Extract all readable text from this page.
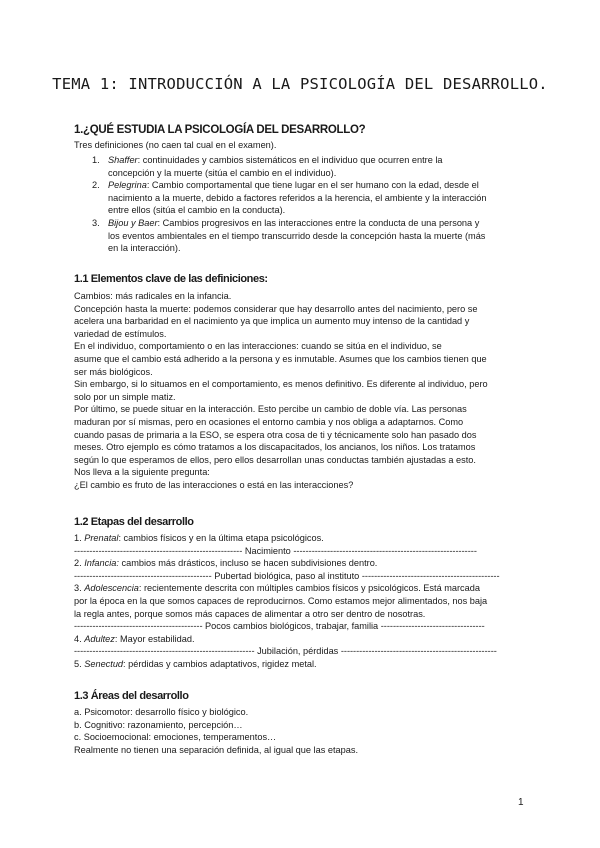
TEMA 1: INTRODUCCIÓN A LA PSICOLOGÍA DEL DESARROLLO.
1.¿QUÉ ESTUDIA LA PSICOLOGÍA DEL DESARROLLO?
Tres definiciones (no caen tal cual en el examen).
1. Shaffer: continuidades y cambios sistemáticos en el individuo que ocurren entre la
concepción y la muerte (sitúa el cambio en el individuo).
2. Pelegrina: Cambio comportamental que tiene lugar en el ser humano con la edad, desde el
nacimiento a la muerte, debido a factores referidos a la herencia, el ambiente y la interacción
entre ellos (sitúa el cambio en la conducta).
3. Bijou y Baer: Cambios progresivos en las interacciones entre la conducta de una persona y
los eventos ambientales en el tiempo transcurrido desde la concepción hasta la muerte (más
en la interacción).
1.1 Elementos clave de las definiciones:
Cambios: más radicales en la infancia.
Concepción hasta la muerte: podemos considerar que hay desarrollo antes del nacimiento, pero se
acelera una barbaridad en el nacimiento ya que implica un aumento muy intenso de la cantidad y
variedad de estímulos.
En el individuo, comportamiento o en las interacciones: cuando se sitúa en el individuo, se
asume que el cambio está adherido a la persona y es inmutable. Asumes que los cambios tienen que
ser más biológicos.
Sin embargo, si lo situamos en el comportamiento, es menos definitivo. Es diferente al individuo, pero
solo por un simple matiz.
Por último, se puede situar en la interacción. Esto percibe un cambio de doble vía. Las personas
maduran por sí mismas, pero en ocasiones el entorno cambia y nos obliga a adaptarnos. Como
cuando pasas de primaria a la ESO, se espera otra cosa de ti y técnicamente solo han pasado dos
meses. Otro ejemplo es cómo tratamos a los discapacitados, los ancianos, los niños. Los tratamos
según lo que esperamos de ellos, pero ellos desarrollan unas conductas también ajustadas a esto.
Nos lleva a la siguiente pregunta:
¿El cambio es fruto de las interacciones o está en las interacciones?
1.2 Etapas del desarrollo
1. Prenatal: cambios físicos y en la última etapa psicológicos.
------------------------------------------------------- Nacimiento ------------------------------------------------------------
2. Infancia: cambios más drásticos, incluso se hacen subdivisiones dentro.
--------------------------------------------- Pubertad biológica, paso al instituto ---------------------------------------------
3. Adolescencia: recientemente descrita con múltiples cambios físicos y psicológicos. Está marcada
por la época en la que somos capaces de reproducirnos. Como estamos mejor alimentados, nos baja
la regla antes, porque somos más capaces de alimentar a otro ser dentro de nosotras.
------------------------------------------ Pocos cambios biológicos, trabajar, familia ----------------------------------
4. Adultez: Mayor estabilidad.
----------------------------------------------------------- Jubilación, pérdidas ---------------------------------------------------
5. Senectud: pérdidas y cambios adaptativos, rigidez metal.
1.3 Áreas del desarrollo
a. Psicomotor: desarrollo físico y biológico.
b. Cognitivo: razonamiento, percepción…
c. Socioemocional: emociones, temperamentos…
Realmente no tienen una separación definida, al igual que las etapas.
1
